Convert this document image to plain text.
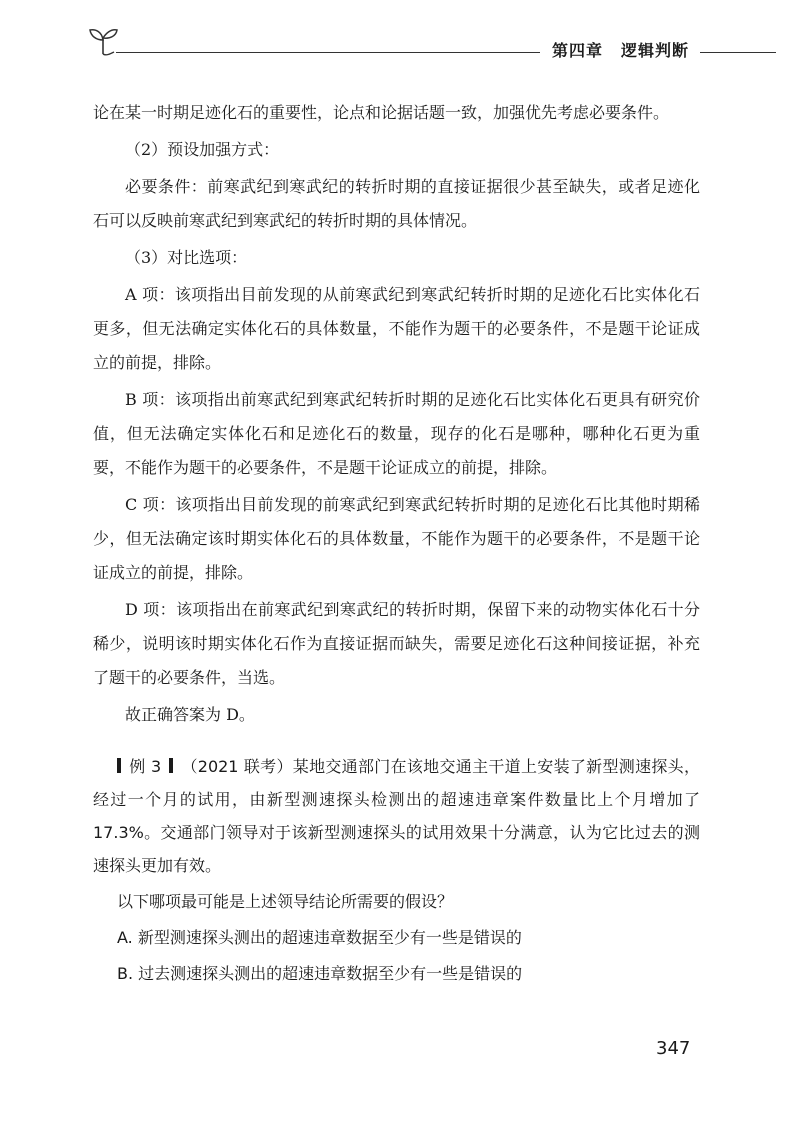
第四章 逻辑判断

论在某一时期足迹化石的重要性，论点和论据话题一致，加强优先考虑必要条件。

（2）预设加强方式：

必要条件：前寒武纪到寒武纪的转折时期的直接证据很少甚至缺失，或者足迹化石可以反映前寒武纪到寒武纪的转折时期的具体情况。

（3）对比选项：

A 项：该项指出目前发现的从前寒武纪到寒武纪转折时期的足迹化石比实体化石更多，但无法确定实体化石的具体数量，不能作为题干的必要条件，不是题干论证成立的前提，排除。

B 项：该项指出前寒武纪到寒武纪转折时期的足迹化石比实体化石更具有研究价值，但无法确定实体化石和足迹化石的数量，现存的化石是哪种，哪种化石更为重要，不能作为题干的必要条件，不是题干论证成立的前提，排除。

C 项：该项指出目前发现的前寒武纪到寒武纪转折时期的足迹化石比其他时期稀少，但无法确定该时期实体化石的具体数量，不能作为题干的必要条件，不是题干论证成立的前提，排除。

D 项：该项指出在前寒武纪到寒武纪的转折时期，保留下来的动物实体化石十分稀少，说明该时期实体化石作为直接证据而缺失，需要足迹化石这种间接证据，补充了题干的必要条件，当选。

故正确答案为 D。

例 3 （2021 联考）某地交通部门在该地交通主干道上安装了新型测速探头，经过一个月的试用，由新型测速探头检测出的超速违章案件数量比上个月增加了 17.3%。交通部门领导对于该新型测速探头的试用效果十分满意，认为它比过去的测速探头更加有效。

以下哪项最可能是上述领导结论所需要的假设？

A. 新型测速探头测出的超速违章数据至少有一些是错误的

B. 过去测速探头测出的超速违章数据至少有一些是错误的

347
